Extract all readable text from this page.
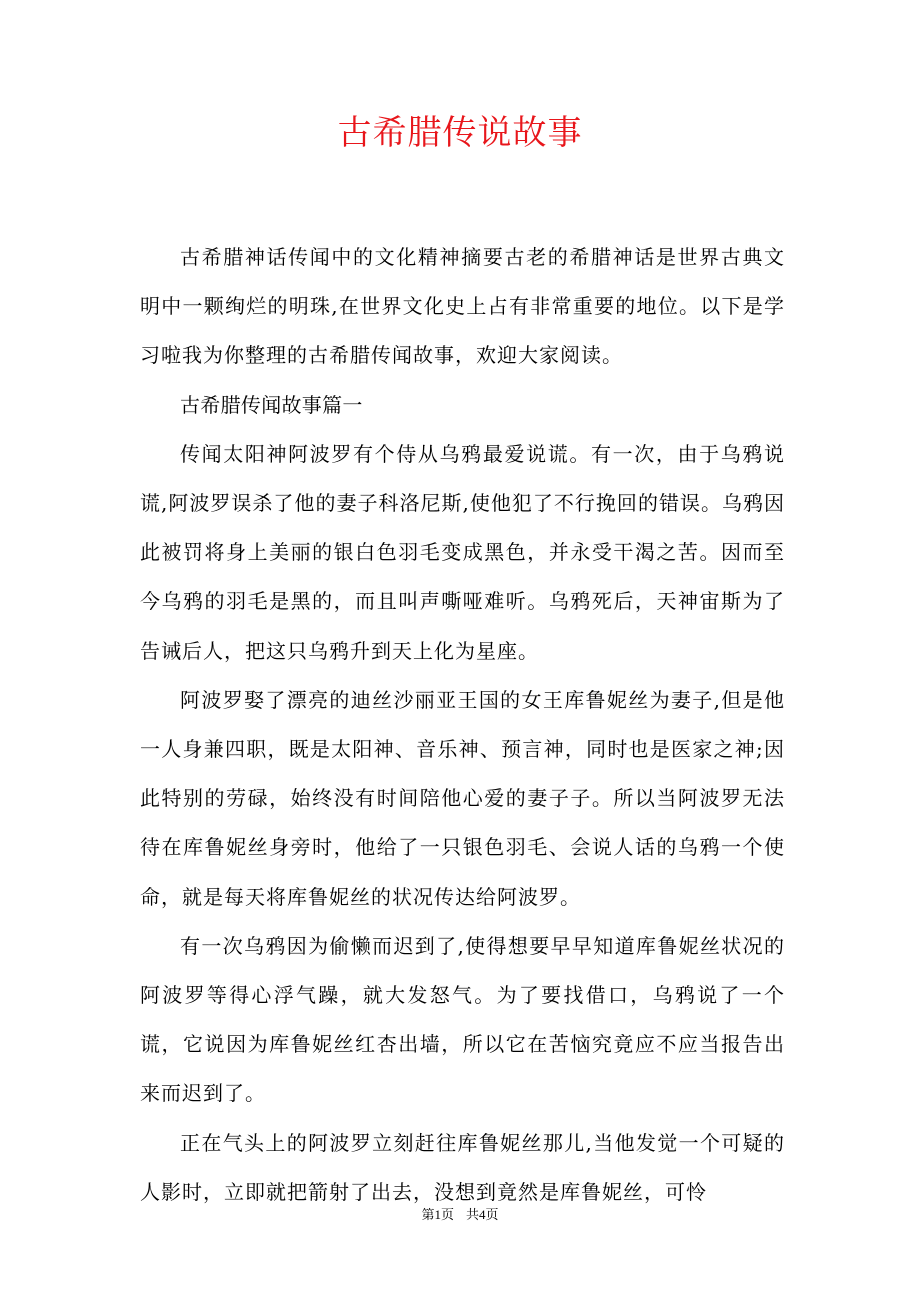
古希腊传说故事

古希腊神话传闻中的文化精神摘要古老的希腊神话是世界古典文明中一颗绚烂的明珠,在世界文化史上占有非常重要的地位。以下是学习啦我为你整理的古希腊传闻故事，欢迎大家阅读。

古希腊传闻故事篇一

传闻太阳神阿波罗有个侍从乌鸦最爱说谎。有一次，由于乌鸦说谎,阿波罗误杀了他的妻子科洛尼斯,使他犯了不行挽回的错误。乌鸦因此被罚将身上美丽的银白色羽毛变成黑色，并永受干渴之苦。因而至今乌鸦的羽毛是黑的，而且叫声嘶哑难听。乌鸦死后，天神宙斯为了告诫后人，把这只乌鸦升到天上化为星座。

阿波罗娶了漂亮的迪丝沙丽亚王国的女王库鲁妮丝为妻子,但是他一人身兼四职，既是太阳神、音乐神、预言神，同时也是医家之神;因此特别的劳碌，始终没有时间陪他心爱的妻子子。所以当阿波罗无法待在库鲁妮丝身旁时，他给了一只银色羽毛、会说人话的乌鸦一个使命，就是每天将库鲁妮丝的状况传达给阿波罗。

有一次乌鸦因为偷懒而迟到了,使得想要早早知道库鲁妮丝状况的阿波罗等得心浮气躁，就大发怒气。为了要找借口，乌鸦说了一个谎，它说因为库鲁妮丝红杏出墙，所以它在苦恼究竟应不应当报告出来而迟到了。

正在气头上的阿波罗立刻赶往库鲁妮丝那儿,当他发觉一个可疑的人影时，立即就把箭射了出去，没想到竟然是库鲁妮丝，可怜

第1页 共4页
